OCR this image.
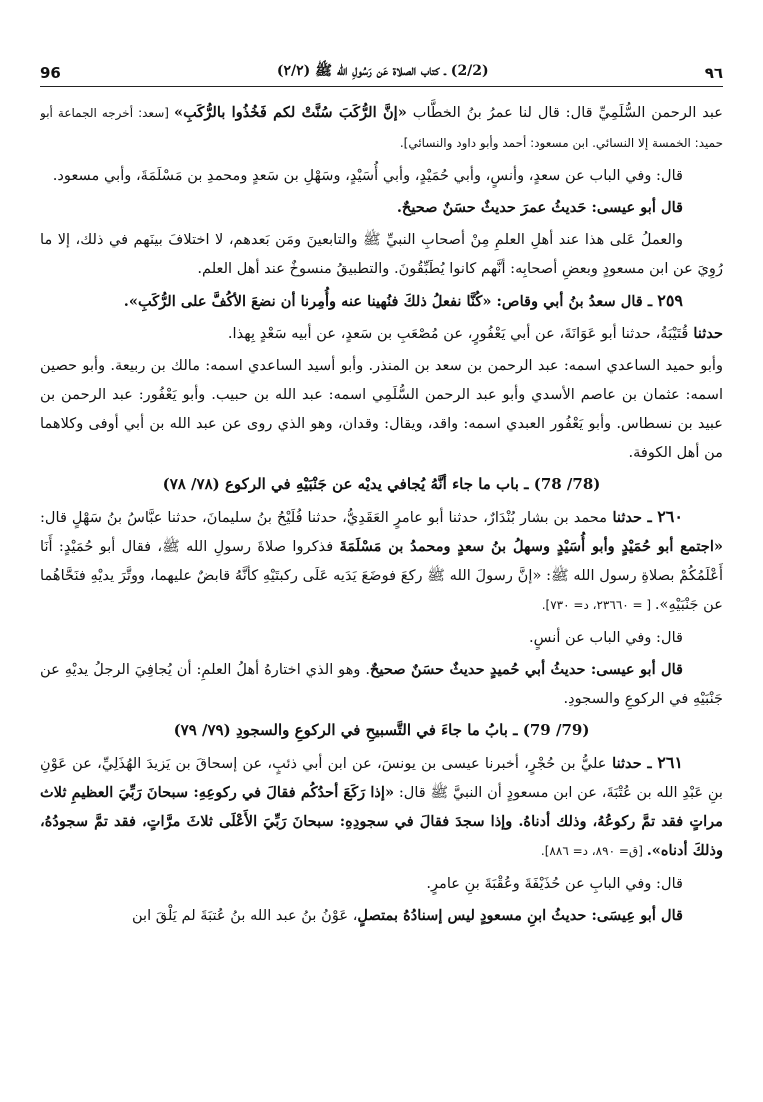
96	(2/2) ـ كتاب الصلاة عَن رَسُولِ الله ﷺ (٢/٢)	٩٦

عبد الرحمن السُّلَمِيِّ قال: قال لنا عمرُ بنُ الخطَّاب «إنَّ الرُّكَبَ سُنَّتْ لكم فَخُذُوا بالرُّكَبِ» [سعد: أخرجه الجماعة أبو حميد: الخمسة إلا النسائي. ابن مسعود: أحمد وأبو داود والنسائي].

قال: وفي الباب عن سعدٍ، وأنسٍ، وأبي حُمَيْدٍ، وأبي أُسَيْدٍ، وسَهْلِ بن سَعدٍ ومحمدِ بن مَسْلَمَةَ، وأبي مسعود.

قال أبو عيسى: حَديثُ عمرَ حديثٌ حسَنٌ صحيحٌ.

والعملُ عَلى هذا عند أهلِ العلمِ مِنْ أصحابِ النبيِّ ﷺ والتابعينَ ومَن بَعدهم، لا اختلافَ بينَهم في ذلك، إلا ما رُوِيَ عن ابن مسعودٍ وبعضِ أصحابِه: أنَّهم كانوا يُطَبِّقُونَ. والتطبيقُ منسوخٌ عند أهل العلم.

٢٥٩ ـ قال سعدُ بنُ أبي وقاص: «كُنَّا نفعلُ ذلكَ فنُهينا عنه وأُمِرنا أن نضعَ الأكُفَّ على الرُّكَبِ».

حدثنا قُتَيْبَةُ، حدثنا أبو عَوَانَةَ، عن أبي يَعْفُورٍ، عن مُصْعَبِ بن سَعدٍ، عن أبيه سَعْدٍ بِهذا.

وأبو حميد الساعدي اسمه: عبد الرحمن بن سعد بن المنذر. وأبو أسيد الساعدي اسمه: مالك بن ربيعة. وأبو حصين اسمه: عثمان بن عاصم الأسدي وأبو عبد الرحمن السُّلَمِي اسمه: عبد الله بن حبيب. وأبو يَعْفُور: عبد الرحمن بن عبيد بن نسطاس. وأبو يَعْفُور العبدي اسمه: واقد، ويقال: وقدان، وهو الذي روى عن عبد الله بن أبي أوفى وكلاهما من أهل الكوفة.

(78/ 78) ـ باب ما جاء أنَّهُ يُجافي يديْه عن جَنْبَيْهِ في الركوع (٧٨/ ٧٨)

٢٦٠ ـ حدثنا محمد بن بشار بُنْدَارٌ، حدثنا أبو عامرٍ العَقَدِيُّ، حدثنا فُلَيْحُ بنُ سليمانَ، حدثنا عبَّاسُ بنُ سَهْلٍ قال: «اجتمع أبو حُمَيْدٍ وأبو أُسَيْدٍ وسهلُ بنُ سعدٍ ومحمدُ بن مَسْلَمَةَ فذكروا صلاةَ رسولِ الله ﷺ، فقال أبو حُمَيْدٍ: أَنَا أَعْلَمُكُمْ بصلاةِ رسول الله ﷺ: «إنَّ رسولَ الله ﷺ ركعَ فوضَعَ يَدَيه عَلَى ركبتَيْهِ كأنَّهُ قابضٌ عليهما، ووتَّرَ يديْهِ فنَحَّاهُما عن جَنْبَيْهِ». [ = ٢٣٦٦٠، د= ٧٣٠].

قال: وفي الباب عن أنسٍ.

قال أبو عيسى: حديثُ أبي حُميدٍ حديثٌ حسَنٌ صحيحٌ. وهو الذي اختارهُ أهلُ العلمِ: أن يُجافِيَ الرجلُ يديْهِ عن جَنْبَيْهِ في الركوعِ والسجودِ.

(79/ 79) ـ بابُ ما جاءَ في التَّسبيحِ في الركوعِ والسجودِ (٧٩/ ٧٩)

٢٦١ ـ حدثنا عليُّ بن حُجْرٍ، أخبرنا عيسى بن يونسَ، عن ابن أبي ذئبٍ، عن إسحاقَ بن يَزيدَ الهُذَلِيِّ، عن عَوْنِ بنِ عَبْدِ الله بن عُتْبَةَ، عن ابن مسعودٍ أن النبيَّ ﷺ قال: «إذا رَكَعَ أحدُكُم فقالَ في ركوعِهِ: سبحانَ رَبِّيَ العظيمِ ثلاث مراتٍ فقد تمَّ ركوعُهُ، وذلك أدناهُ. وإذا سجدَ فقالَ في سجودِهِ: سبحانَ رَبِّيَ الأَعْلَى ثلاثَ مرَّاتٍ، فقد تمَّ سجودُهُ، وذلكَ أدناه». [ق= ٨٩٠، د= ٨٨٦].

قال: وفي البابِ عن حُذَيْفَةَ وعُقْبَةَ بنِ عامرٍ.

قال أبو عِيسَى: حديثُ ابنِ مسعودٍ ليس إسنادُهُ بمتصلٍ، عَوْنُ بنُ عبد الله بنُ عُتبَةَ لم يَلْقَ ابن
